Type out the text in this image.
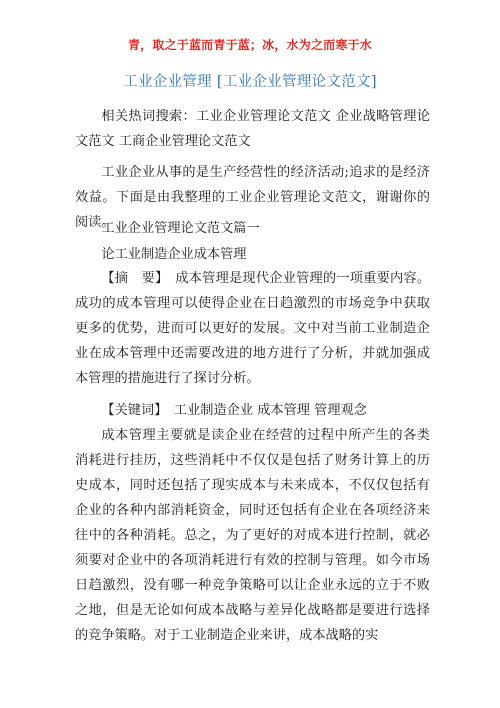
青，取之于蓝而青于蓝；冰，水为之而寒于水
工业企业管理 [工业企业管理论文范文]

相关热词搜索：工业企业管理论文范文 企业战略管理论文范文 工商企业管理论文范文

工业企业从事的是生产经营性的经济活动;追求的是经济效益。下面是由我整理的工业企业管理论文范文，谢谢你的阅读。

工业企业管理论文范文篇一

论工业制造企业成本管理

【摘　要】　 成本管理是现代企业管理的一项重要内容。成功的成本管理可以使得企业在日趋激烈的市场竞争中获取更多的优势，进而可以更好的发展。文中对当前工业制造企业在成本管理中还需要改进的地方进行了分析，并就加强成本管理的措施进行了探讨分析。

【关键词】　 工业制造企业 成本管理 管理观念

成本管理主要就是读企业在经营的过程中所产生的各类消耗进行挂历，这些消耗中不仅仅是包括了财务计算上的历史成本，同时还包括了现实成本与未来成本，不仅仅包括有企业的各种内部消耗资金，同时还包括有企业在各项经济来往中的各种消耗。总之，为了更好的对成本进行控制，就必须要对企业中的各项消耗进行有效的控制与管理。如今市场日趋激烈，没有哪一种竞争策略可以让企业永远的立于不败之地，但是无论如何成本战略与差异化战略都是要进行选择的竞争策略。对于工业制造企业来讲，成本战略的实
